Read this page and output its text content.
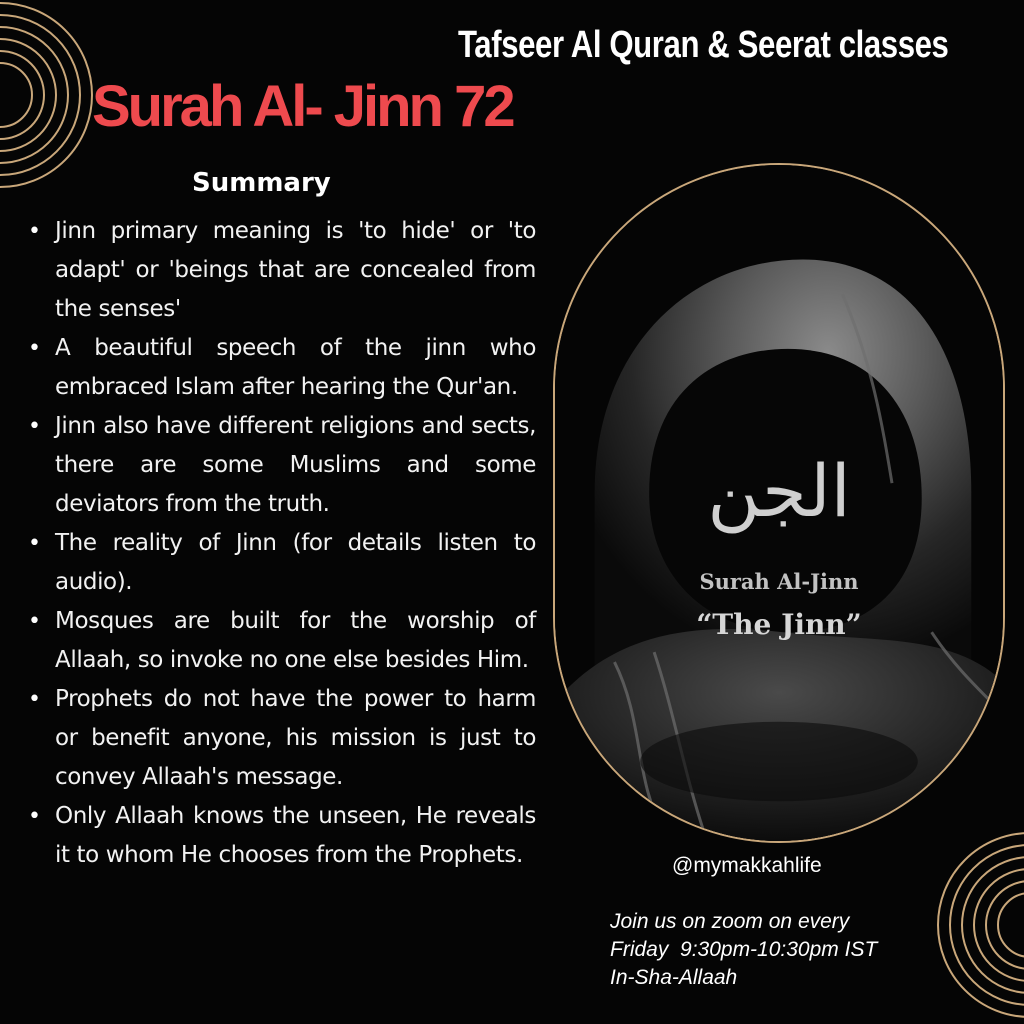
Tafseer Al Quran & Seerat classes
Surah Al- Jinn 72
Summary
• Jinn primary meaning is 'to hide' or 'to adapt' or 'beings that are concealed from the senses'
• A beautiful speech of the jinn who embraced Islam after hearing the Qur'an.
• Jinn also have different religions and sects, there are some Muslims and some deviators from the truth.
• The reality of Jinn (for details listen to audio).
• Mosques are built for the worship of Allaah, so invoke no one else besides Him.
• Prophets do not have the power to harm or benefit anyone, his mission is just to convey Allaah's message.
• Only Allaah knows the unseen, He reveals it to whom He chooses from the Prophets.
الجن
Surah Al-Jinn
“The Jinn”
@mymakkahlife
Join us on zoom on every
Friday  9:30pm-10:30pm IST
In-Sha-Allaah
